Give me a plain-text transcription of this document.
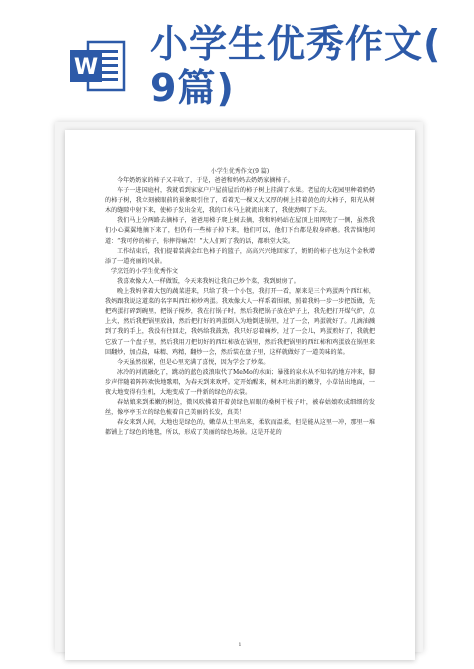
W
小学生优秀作文(
9篇)
小学生优秀作文(9 篇)

今年奶奶家的柿子又丰收了，于是，爸爸和妈妈去奶奶家摘柿子。

车子一进国庭村，我就看到家家户户屋前屋后的柿子树上挂满了水果。老屋的大花园里种着奶奶的柿子树，我立刻被眼前的景象吸引住了，看着无一棵又大又厚的树上挂着黄色的大柿子，阳光从树木的缝隙中射下来，使柿子发出金光，我的口水马上就流出来了，我使劲咽了下去。

我们马上分两路去摘柿子，爸爸用梯子爬上树去摘，我和妈妈站在屋顶上用网兜了一侧，虽然我们小心翼翼地摘下来了，但仍有一些柿子掉下来，他们可以，他们下台都是殷身碎磨。我苦恼地问道：“我可停的柿子，你摔得痛苦！”大人们听了我的话，都哄堂大笑。

工作结束后，我们提着装满金红色柿子的篮子，高高兴兴地回家了，奶奶的柿子也为这个金秋增添了一道亮丽的风景。

学烹饪的小学生优秀作文

我喜欢像大人一样做饭，今天来我妈让我自己炒个菜，我到厨房了。

晚上我妈拿着大包的蔬菜进来，只给了我一个小包，我打开一看，原来是三个鸡蛋两个西红柿，我妈跟我说这道菜的名字叫西红柿炒鸡蛋。我欢像大人一样系着围裙，照着我妈一步一步把饭做，先把鸡蛋打碎到碗里，把锅子搅炒，我在打锅子时，然后我把锅子放在炉子上，我先把打开煤气炉，点上火，然后我把锅里放油，然后把打好的鸡蛋倒入为地倒进锅里，过了一会，鸡蛋就好了。几滴油溅到了我的手上，我没有往回走，我妈给我鼓劲，我只好忍着痛炒，过了一会儿，鸡蛋煎好了，我就把它放了一个盘子里，然后我用刀把切好的西红柿放在锅里，然后我把锅里的西红柿和鸡蛋放在锅里来回翻炒，加点盐，味精、鸡精，翻炒一会，然后装在盘子里，这样就做好了一道美味的菜。

今天虽然很累，但是心里充满了喜悦，因为学会了炒菜。

冰冷的河流融化了，跳动的蓝色波浪取代了MeMo的水面；暴涨的泉水从不知名的地方冲来，脚步声伴随着阵阵欢快地歌唱，为春天到来欢呼。定开始醒来，树木吐出新的嫩芽，小草钻出地面，一夜大地变得有生机，大地变成了一件新的绿色的衣裳。

春姑娘来到柔嫩的树边，微风吹拂着开着黄绿色眉眼的桑树干枝子叶，被春姑娘吹成细细的发丝，像亭亭玉立的绿色梳着自己美丽的长发，真美！

春女来到人间，大地也是绿色的，嫩草从土里出来，柔软而温柔，但是能从这里一冲，那里一堆都铺上了绿色的地毯，所以，形成了美丽的绿色场景。这是开花的

1
